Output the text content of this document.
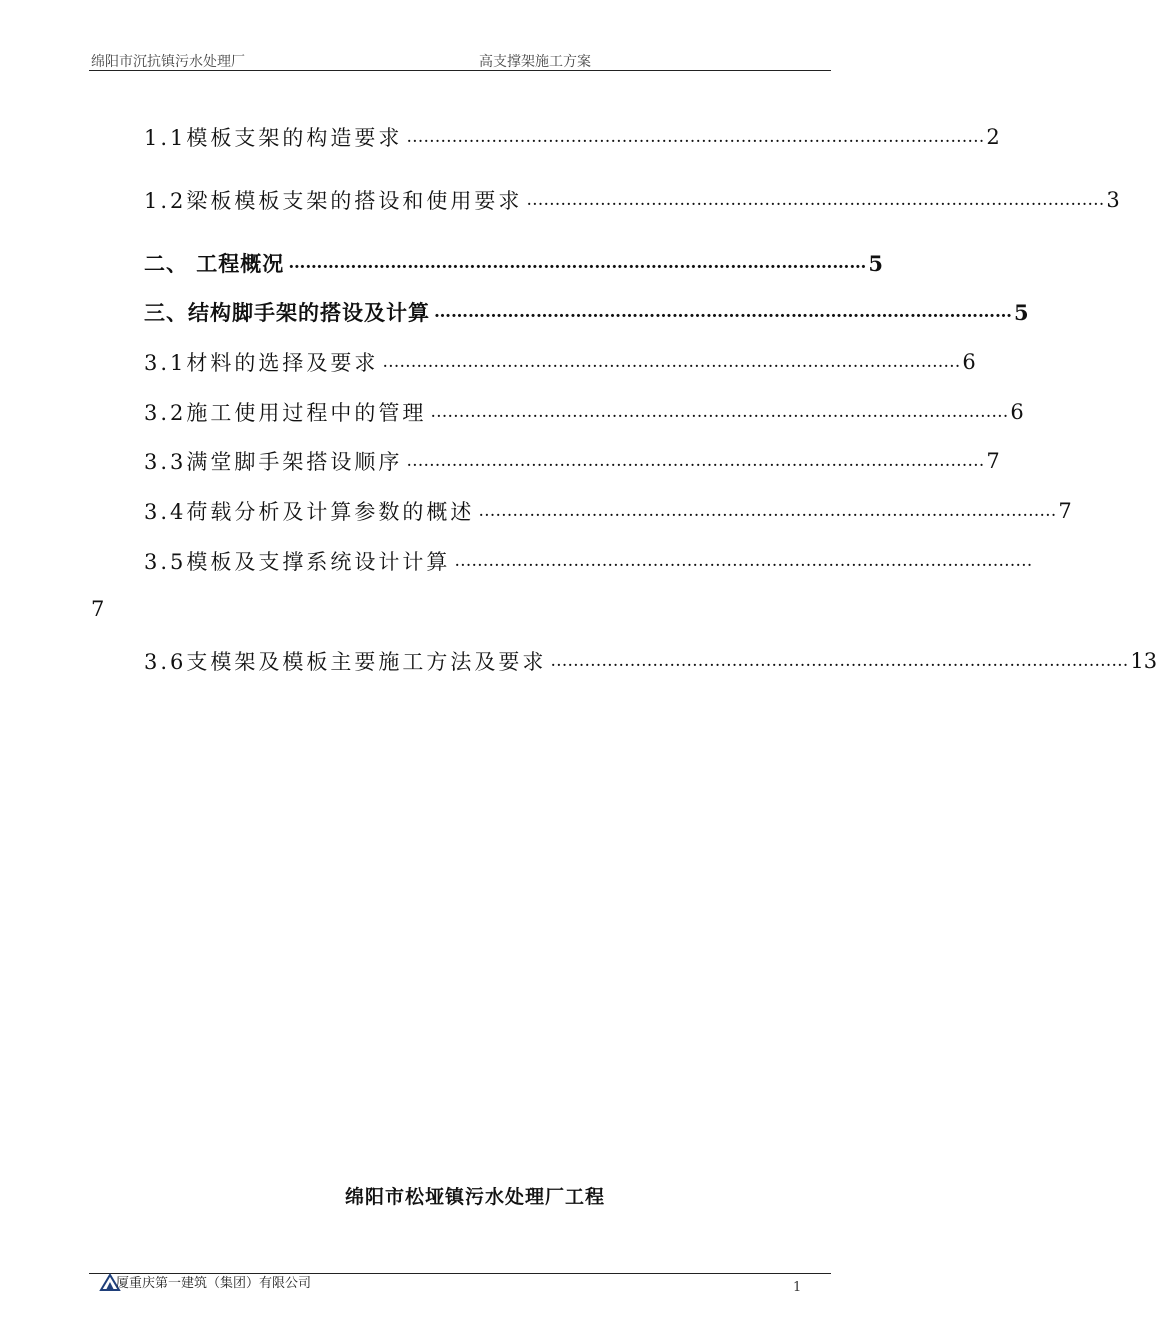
绵阳市沉抗镇污水处理厂	高支撑架施工方案
1.1模板支架的构造要求 ………………………………………………………………………………………… 2
1.2梁板模板支架的搭设和使用要求 ………………………………………………………………………………………… 3
二、 工程概况 ………………………………………………………………………………………… 5
三、结构脚手架的搭设及计算 ………………………………………………………………………………………… 5
3.1材料的选择及要求 ………………………………………………………………………………………… 6
3.2施工使用过程中的管理 ………………………………………………………………………………………… 6
3.3满堂脚手架搭设顺序 ………………………………………………………………………………………… 7
3.4荷载分析及计算参数的概述 ………………………………………………………………………………………… 7
3.5模板及支撑系统设计计算 …………………………………………………………………………………………
7
3.6支模架及模板主要施工方法及要求 ………………………………………………………………………………………… 13
绵阳市松垭镇污水处理厂工程
厦重庆第一建筑（集团）有限公司	1
